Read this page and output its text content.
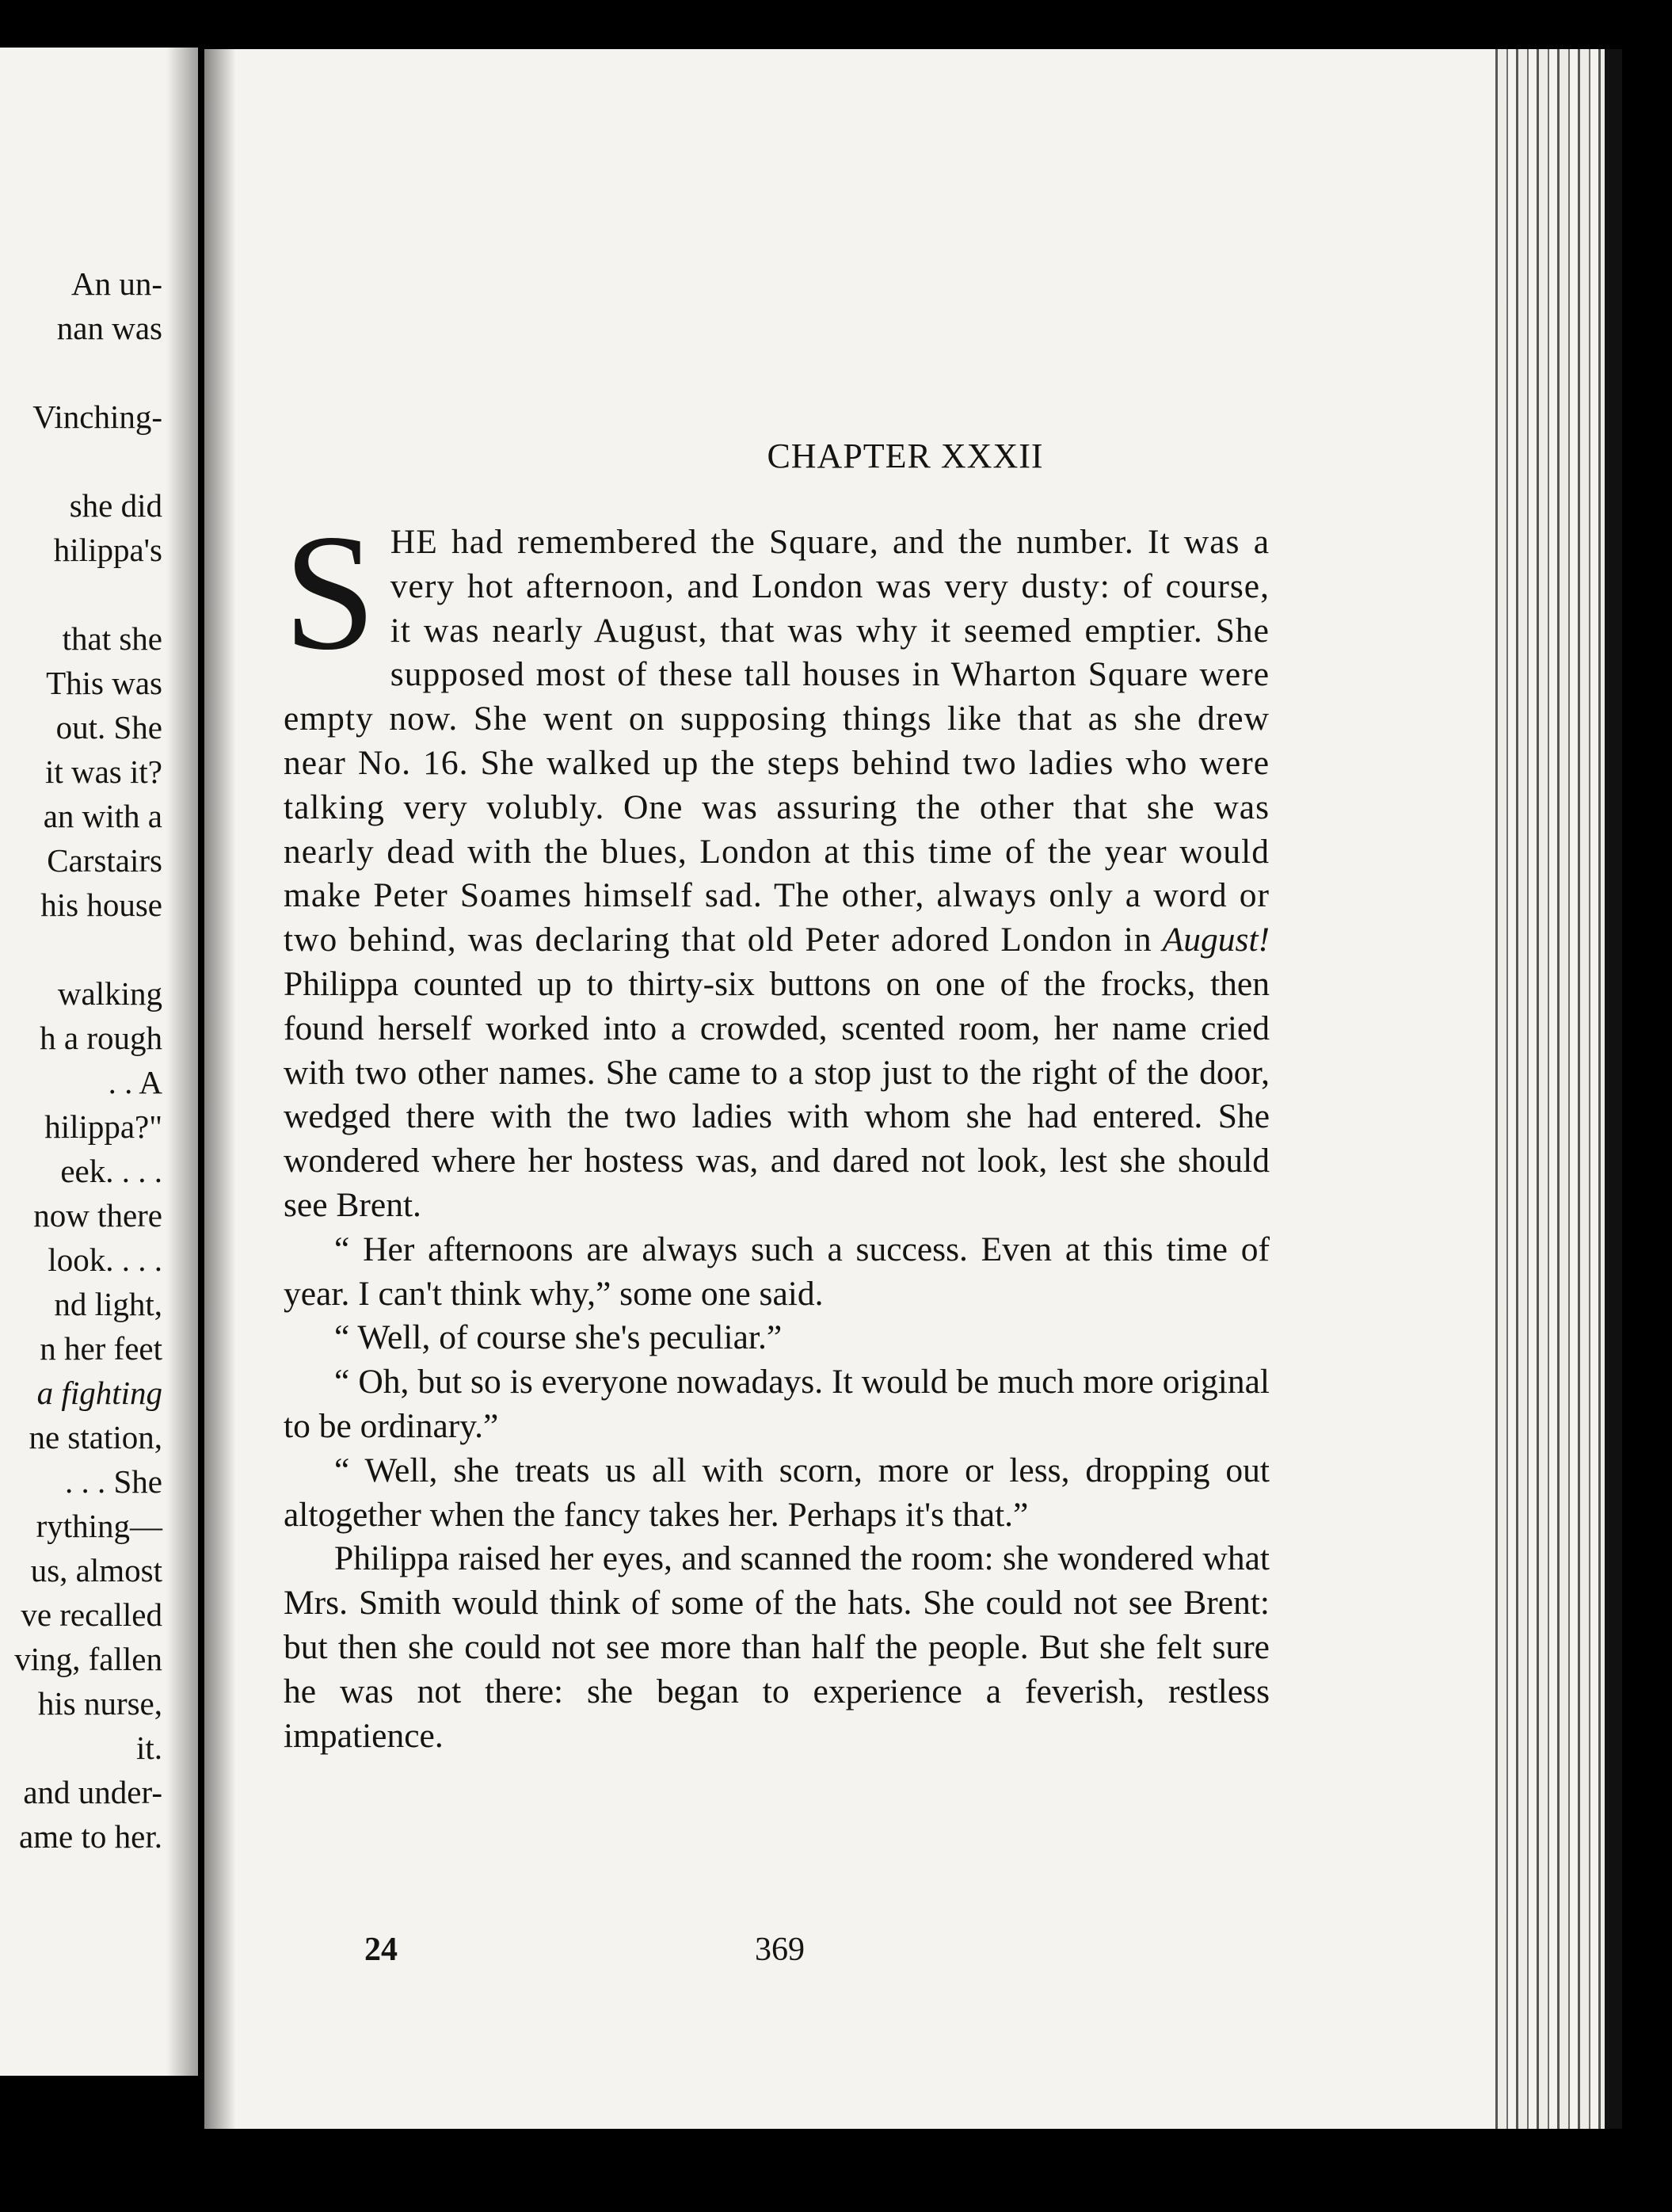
An un-
nan was
Vinching-
she did
hilippa's
that she
This was
out. She
it was it?
an with a
Carstairs
his house
walking
h a rough
. . A
hilippa?"
eek. . . .
now there
look. . . .
nd light,
n her feet
a fighting
ne station,
. . . She
rything—
us, almost
ve recalled
ving, fallen
his nurse,
it.
and under-
ame to her.
CHAPTER XXXII

S HE had remembered the Square, and the number. It was a very hot afternoon, and London was very dusty: of course, it was nearly August, that was why it seemed emptier. She supposed most of these tall houses in Wharton Square were empty now. She went on supposing things like that as she drew near No. 16. She walked up the steps behind two ladies who were talking very volubly. One was assuring the other that she was nearly dead with the blues, London at this time of the year would make Peter Soames himself sad. The other, always only a word or two behind, was declaring that old Peter adored London in August! Philippa counted up to thirty-six buttons on one of the frocks, then found herself worked into a crowded, scented room, her name cried with two other names. She came to a stop just to the right of the door, wedged there with the two ladies with whom she had entered. She wondered where her hostess was, and dared not look, lest she should see Brent.

“ Her afternoons are always such a success. Even at this time of year. I can't think why,” some one said.

“ Well, of course she's peculiar.”

“ Oh, but so is everyone nowadays. It would be much more original to be ordinary.”

“ Well, she treats us all with scorn, more or less, dropping out altogether when the fancy takes her. Perhaps it's that.”

Philippa raised her eyes, and scanned the room: she wondered what Mrs. Smith would think of some of the hats. She could not see Brent: but then she could not see more than half the people. But she felt sure he was not there: she began to experience a feverish, restless impatience.

24	369
